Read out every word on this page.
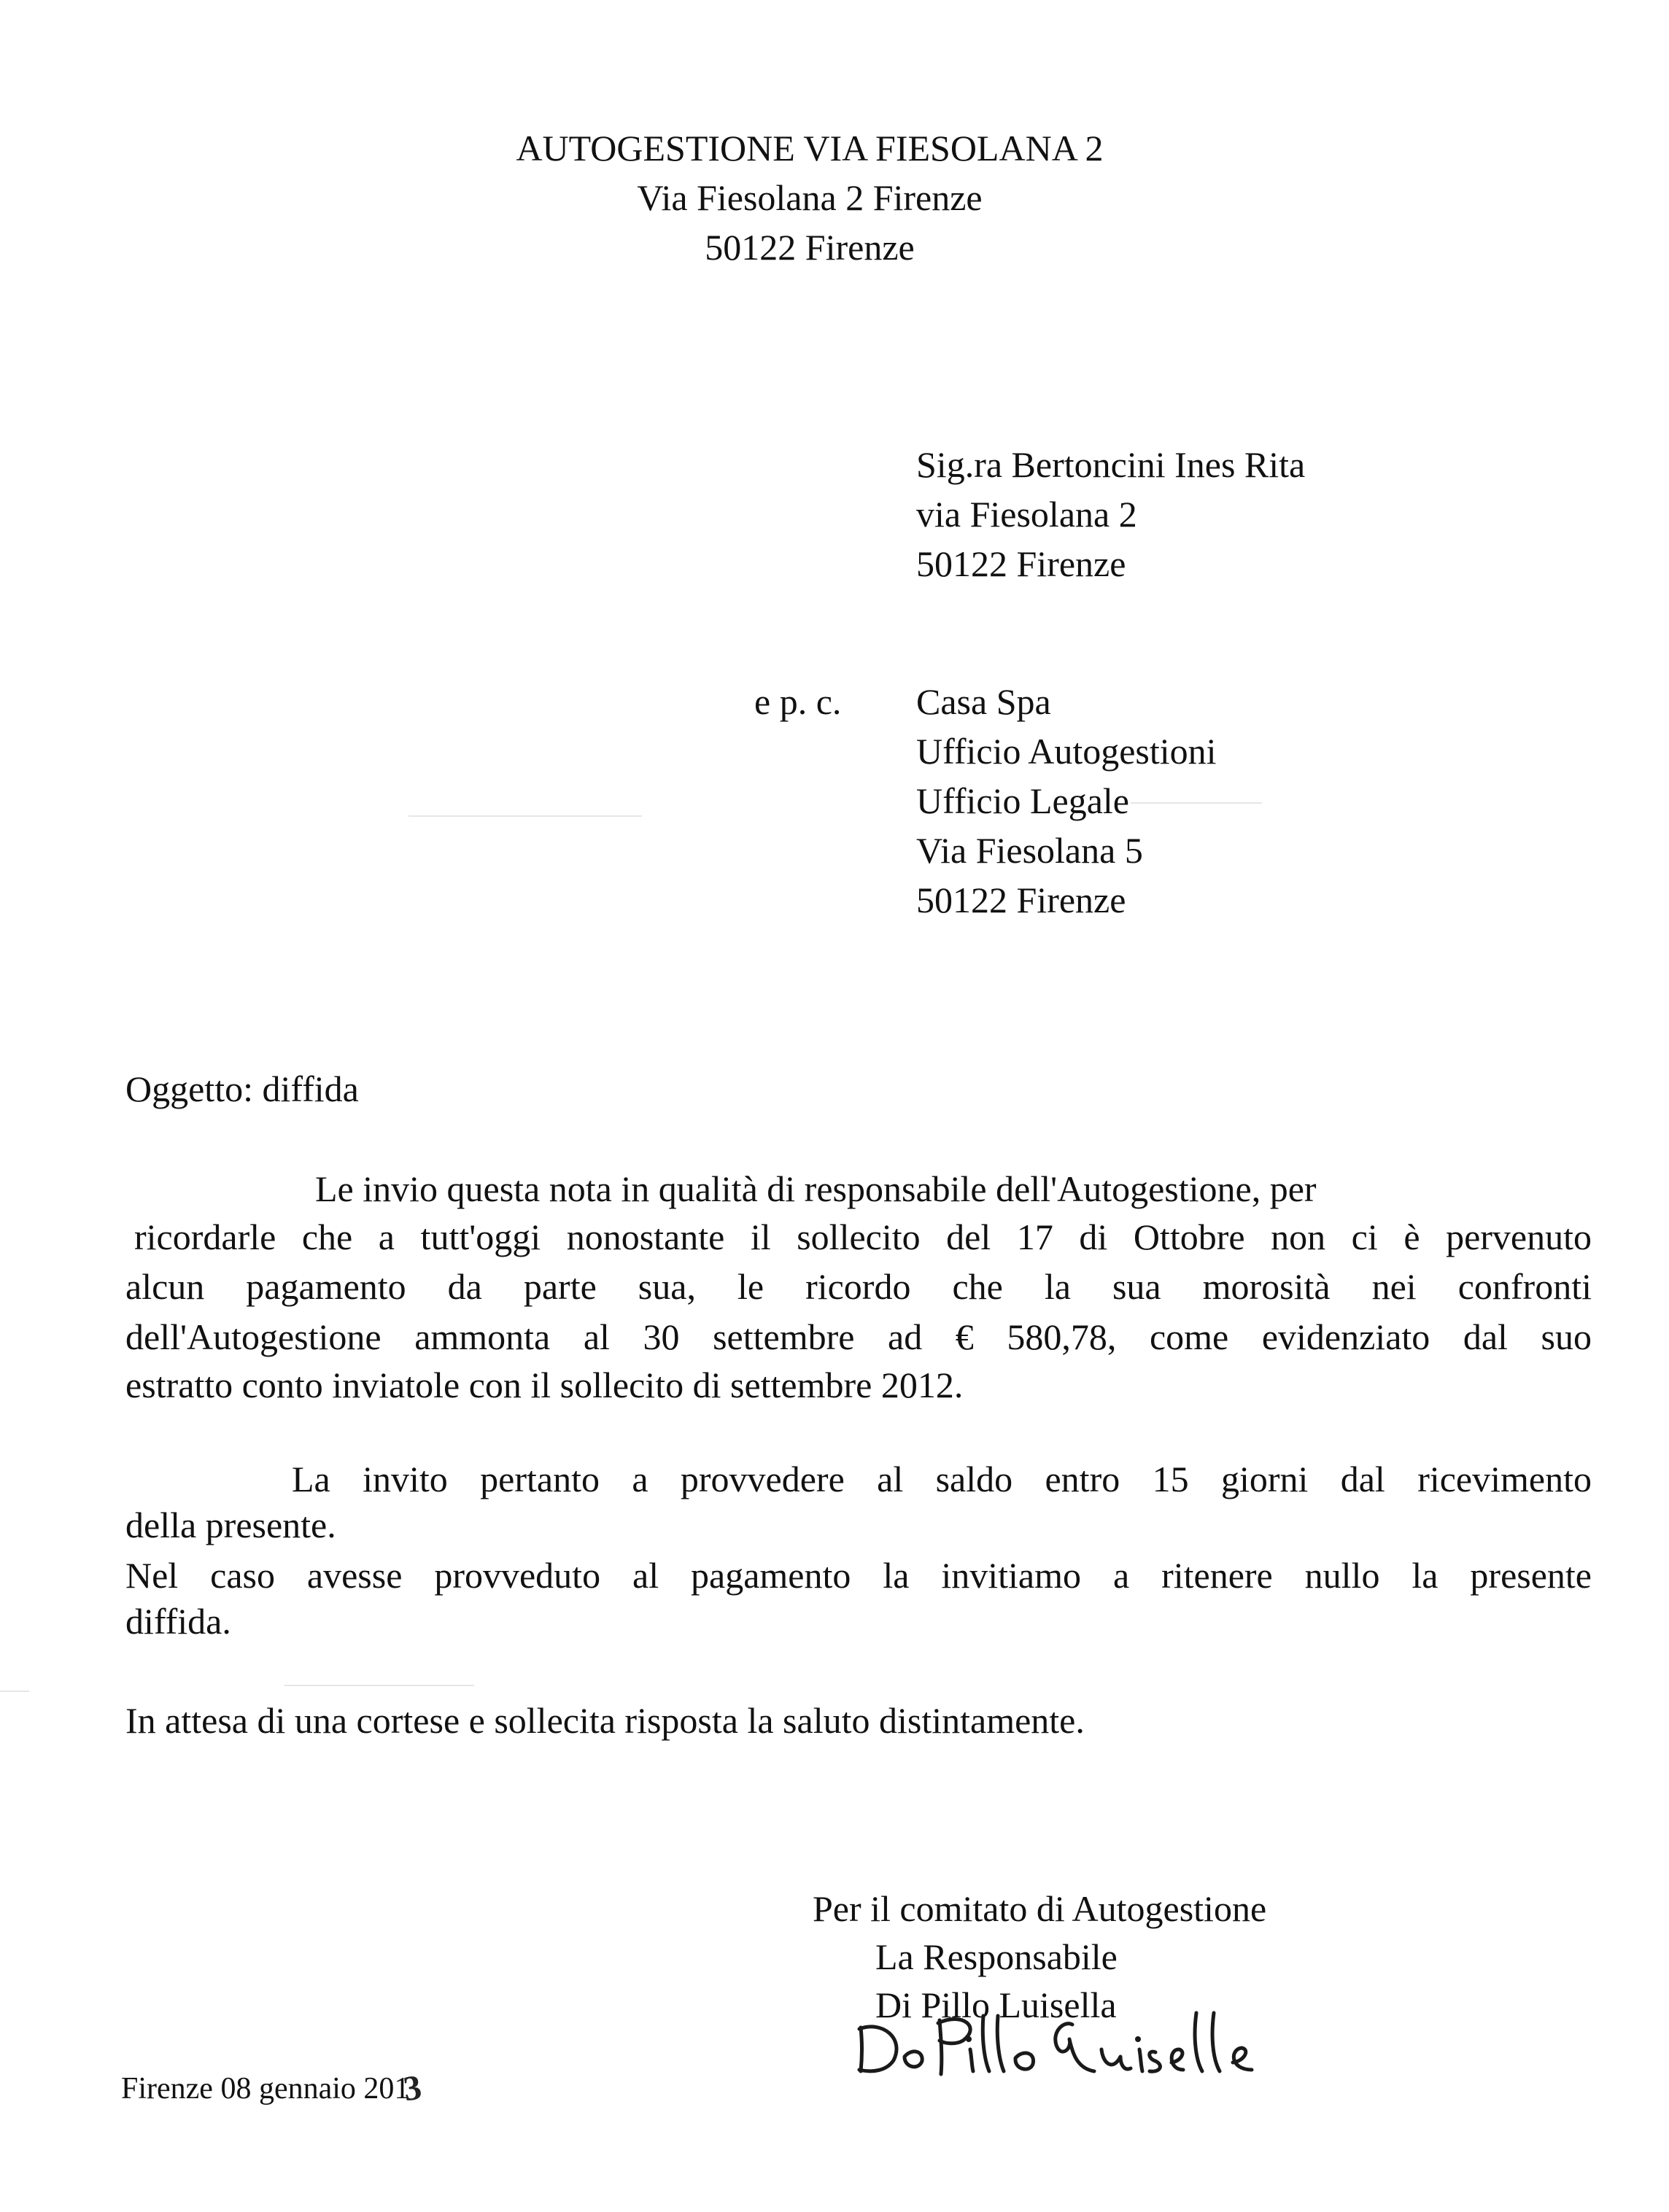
AUTOGESTIONE VIA FIESOLANA 2
Via Fiesolana 2 Firenze
50122 Firenze
Sig.ra Bertoncini Ines Rita
via Fiesolana 2
50122 Firenze
e p. c. Casa Spa
Ufficio Autogestioni
Ufficio Legale
Via Fiesolana 5
50122 Firenze
Oggetto: diffida
Le invio questa nota in qualità di responsabile dell'Autogestione, per
ricordarle che a tutt'oggi nonostante il sollecito del 17 di Ottobre non ci è pervenuto
alcun pagamento da parte sua, le ricordo che la sua morosità nei confronti
dell'Autogestione ammonta al 30 settembre ad € 580,78, come evidenziato dal suo
estratto conto inviatole con il sollecito di settembre 2012.
La invito pertanto a provvedere al saldo entro 15 giorni dal ricevimento
della presente.
Nel caso avesse provveduto al pagamento la invitiamo a ritenere nullo la presente
diffida.
In attesa di una cortese e sollecita risposta la saluto distintamente.
Per il comitato di Autogestione
La Responsabile
Di Pillo Luisella
Firenze 08 gennaio 2013
